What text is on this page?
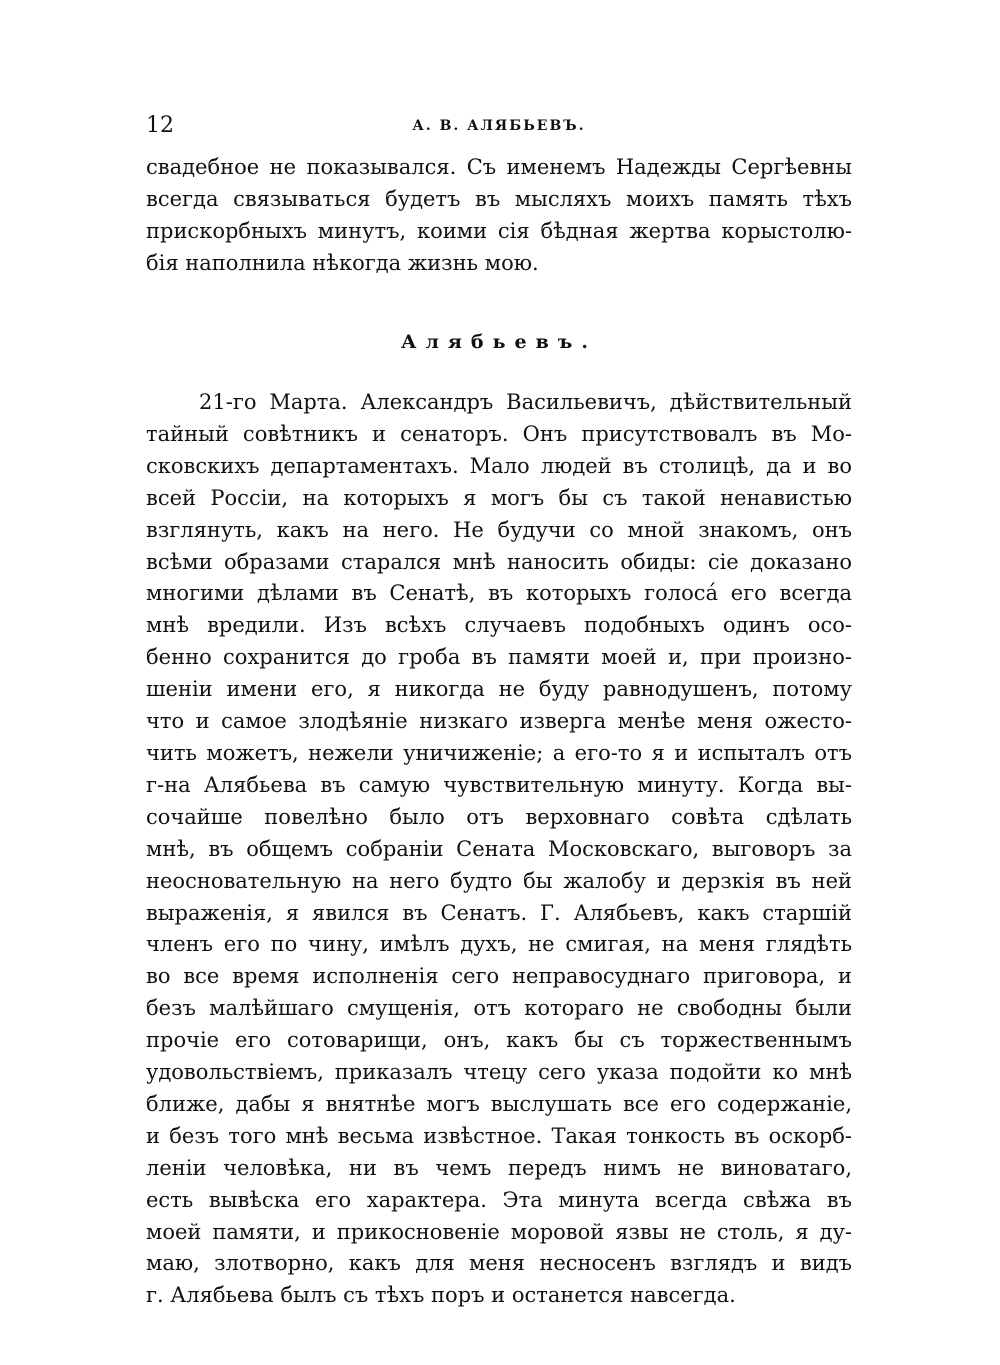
12	А. В. АЛЯБЬЕВЪ.
свадебное не показывался. Съ именемъ Надежды Сергѣевны
всегда связываться будетъ въ мысляхъ моихъ память тѣхъ
прискорбныхъ минутъ, коими сія бѣдная жертва корыстолю-
бія наполнила нѣкогда жизнь мою.
Алябьевъ.
21-го Марта. Александръ Васильевичъ, дѣйствительный
тайный совѣтникъ и сенаторъ. Онъ присутствовалъ въ Мо-
сковскихъ департаментахъ. Мало людей въ столицѣ, да и во
всей Россіи, на которыхъ я могъ бы съ такой ненавистью
взглянуть, какъ на него. Не будучи со мной знакомъ, онъ
всѣми образами старался мнѣ наносить обиды: сіе доказано
многими дѣлами въ Сенатѣ, въ которыхъ голоса́ его всегда
мнѣ вредили. Изъ всѣхъ случаевъ подобныхъ одинъ осо-
бенно сохранится до гроба въ памяти моей и, при произно-
шеніи имени его, я никогда не буду равнодушенъ, потому
что и самое злодѣяніе низкаго изверга менѣе меня ожесто-
чить можетъ, нежели уничиженіе; а его-то я и испыталъ отъ
г-на Алябьева въ самую чувствительную минуту. Когда вы-
сочайше повелѣно было отъ верховнаго совѣта сдѣлать
мнѣ, въ общемъ собраніи Сената Московскаго, выговоръ за
неосновательную на него будто бы жалобу и дерзкія въ ней
выраженія, я явился въ Сенатъ. Г. Алябьевъ, какъ старшій
членъ его по чину, имѣлъ духъ, не смигая, на меня глядѣть
во все время исполненія сего неправосуднаго приговора, и
безъ малѣйшаго смущенія, отъ котораго не свободны были
прочіе его сотоварищи, онъ, какъ бы съ торжественнымъ
удовольствіемъ, приказалъ чтецу сего указа подойти ко мнѣ
ближе, дабы я внятнѣе могъ выслушать все его содержаніе,
и безъ того мнѣ весьма извѣстное. Такая тонкость въ оскорб-
леніи человѣка, ни въ чемъ передъ нимъ не виноватаго,
есть вывѣска его характера. Эта минута всегда свѣжа въ
моей памяти, и прикосновеніе моровой язвы не столь, я ду-
маю, злотворно, какъ для меня несносенъ взглядъ и видъ
г. Алябьева былъ съ тѣхъ поръ и останется навсегда.
